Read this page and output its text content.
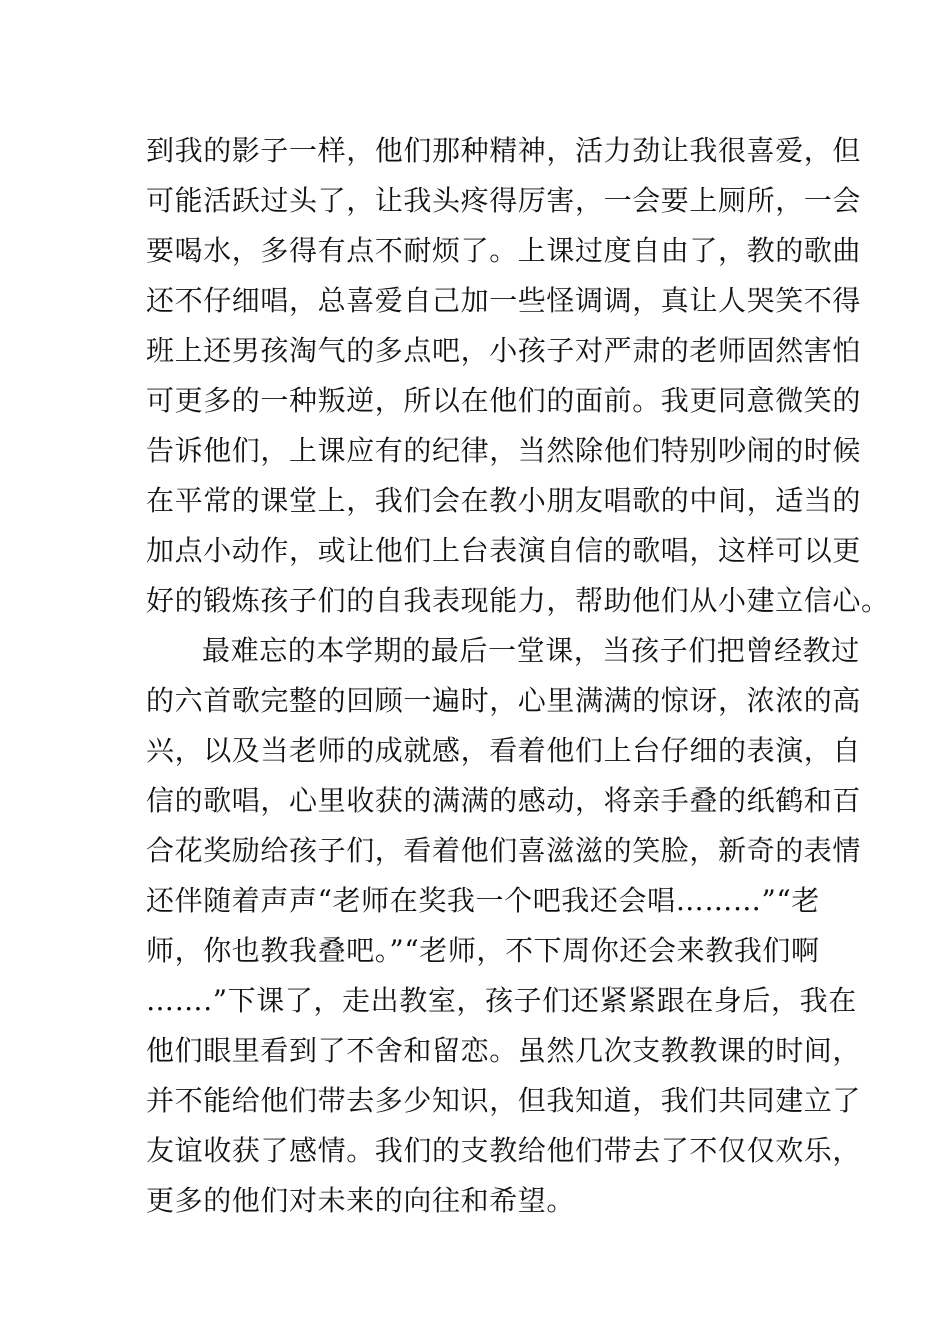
到我的影子一样，他们那种精神，活力劲让我很喜爱，但
可能活跃过头了，让我头疼得厉害，一会要上厕所，一会
要喝水，多得有点不耐烦了。上课过度自由了，教的歌曲
还不仔细唱，总喜爱自己加一些怪调调，真让人哭笑不得
班上还男孩淘气的多点吧，小孩子对严肃的老师固然害怕
可更多的一种叛逆，所以在他们的面前。我更同意微笑的
告诉他们，上课应有的纪律，当然除他们特别吵闹的时候
在平常的课堂上，我们会在教小朋友唱歌的中间，适当的
加点小动作，或让他们上台表演自信的歌唱，这样可以更
好的锻炼孩子们的自我表现能力，帮助他们从小建立信心。
最难忘的本学期的最后一堂课，当孩子们把曾经教过
的六首歌完整的回顾一遍时，心里满满的惊讶，浓浓的高
兴，以及当老师的成就感，看着他们上台仔细的表演，自
信的歌唱，心里收获的满满的感动，将亲手叠的纸鹤和百
合花奖励给孩子们，看着他们喜滋滋的笑脸，新奇的表情
还伴随着声声“老师在奖我一个吧我还会唱………”“老
师，你也教我叠吧。”“老师，不下周你还会来教我们啊
…….”下课了，走出教室，孩子们还紧紧跟在身后，我在
他们眼里看到了不舍和留恋。虽然几次支教教课的时间，
并不能给他们带去多少知识，但我知道，我们共同建立了
友谊收获了感情。我们的支教给他们带去了不仅仅欢乐，
更多的他们对未来的向往和希望。
